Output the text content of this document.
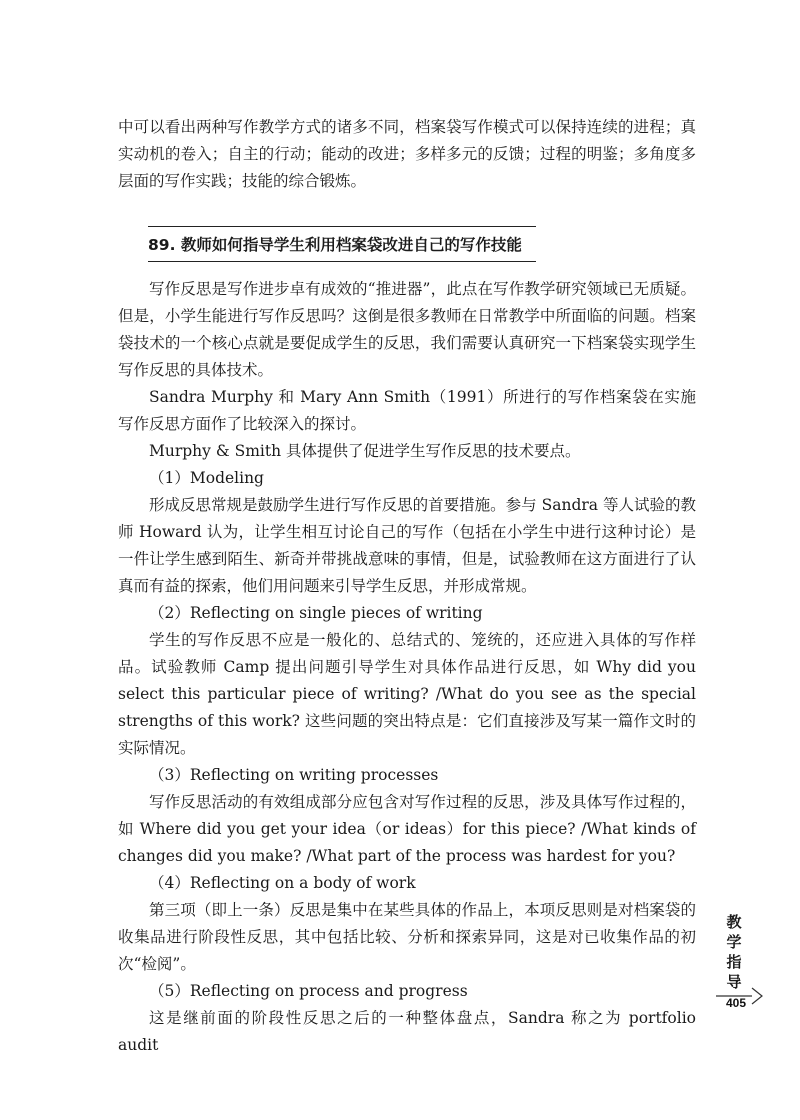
中可以看出两种写作教学方式的诸多不同，档案袋写作模式可以保持连续的进程；真实动机的卷入；自主的行动；能动的改进；多样多元的反馈；过程的明鉴；多角度多层面的写作实践；技能的综合锻炼。

89. 教师如何指导学生利用档案袋改进自己的写作技能

写作反思是写作进步卓有成效的“推进器”，此点在写作教学研究领域已无质疑。但是，小学生能进行写作反思吗？这倒是很多教师在日常教学中所面临的问题。档案袋技术的一个核心点就是要促成学生的反思，我们需要认真研究一下档案袋实现学生写作反思的具体技术。

Sandra Murphy 和 Mary Ann Smith（1991）所进行的写作档案袋在实施写作反思方面作了比较深入的探讨。

Murphy & Smith 具体提供了促进学生写作反思的技术要点。

（1）Modeling

形成反思常规是鼓励学生进行写作反思的首要措施。参与 Sandra 等人试验的教师 Howard 认为，让学生相互讨论自己的写作（包括在小学生中进行这种讨论）是一件让学生感到陌生、新奇并带挑战意味的事情，但是，试验教师在这方面进行了认真而有益的探索，他们用问题来引导学生反思，并形成常规。

（2）Reflecting on single pieces of writing

学生的写作反思不应是一般化的、总结式的、笼统的，还应进入具体的写作样品。试验教师 Camp 提出问题引导学生对具体作品进行反思，如 Why did you select this particular piece of writing? /What do you see as the special strengths of this work? 这些问题的突出特点是：它们直接涉及写某一篇作文时的实际情况。

（3）Reflecting on writing processes

写作反思活动的有效组成部分应包含对写作过程的反思，涉及具体写作过程的，如 Where did you get your idea（or ideas）for this piece? /What kinds of changes did you make? /What part of the process was hardest for you?

（4）Reflecting on a body of work

第三项（即上一条）反思是集中在某些具体的作品上，本项反思则是对档案袋的收集品进行阶段性反思，其中包括比较、分析和探索异同，这是对已收集作品的初次“检阅”。

（5）Reflecting on process and progress

这是继前面的阶段性反思之后的一种整体盘点，Sandra 称之为 portfolio audit

教
学
指
导
405
